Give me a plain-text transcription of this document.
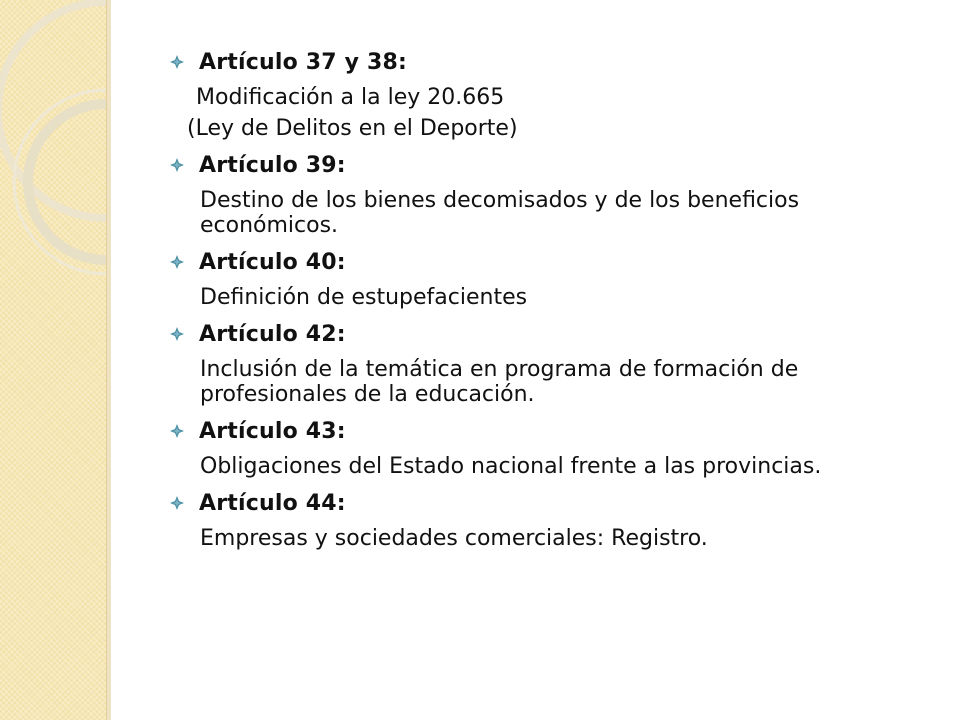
Artículo 37 y 38:
Modificación a la ley 20.665
(Ley de Delitos en el Deporte)
Artículo 39:
Destino de los bienes decomisados y de los beneficios económicos.
Artículo 40:
Definición de estupefacientes
Artículo 42:
Inclusión de la temática en programa de formación de profesionales de la educación.
Artículo 43:
Obligaciones del Estado nacional frente a las provincias.
Artículo 44:
Empresas y sociedades comerciales: Registro.
